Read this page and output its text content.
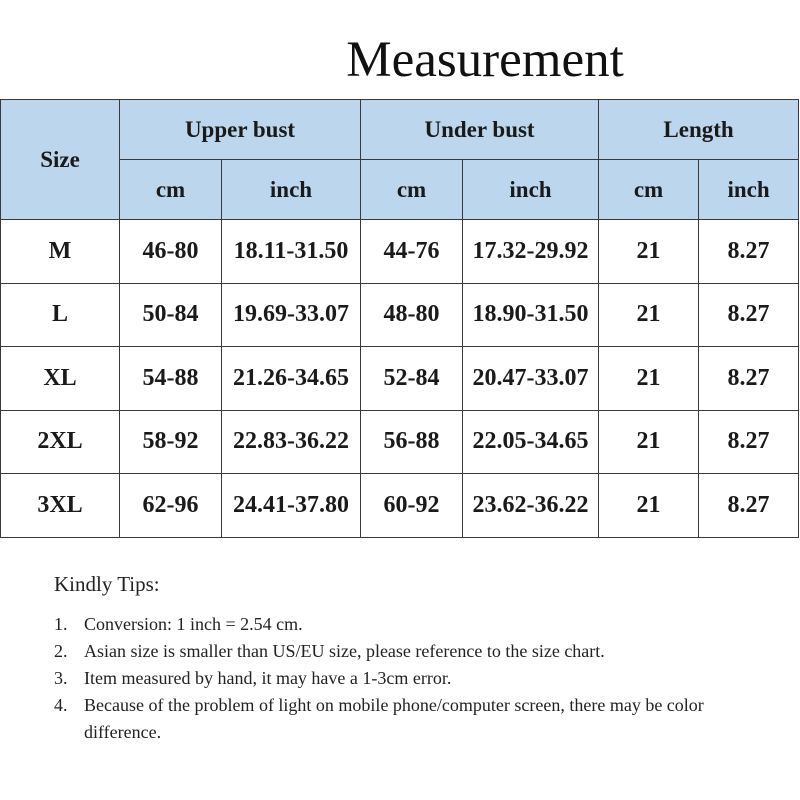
Measurement
Size	Upper bust		Under bust		Length	
	cm	inch	cm	inch	cm	inch
M	46-80	18.11-31.50	44-76	17.32-29.92	21	8.27
L	50-84	19.69-33.07	48-80	18.90-31.50	21	8.27
XL	54-88	21.26-34.65	52-84	20.47-33.07	21	8.27
2XL	58-92	22.83-36.22	56-88	22.05-34.65	21	8.27
3XL	62-96	24.41-37.80	60-92	23.62-36.22	21	8.27
Kindly Tips:
1. Conversion: 1 inch = 2.54 cm.
2. Asian size is smaller than US/EU size, please reference to the size chart.
3. Item measured by hand, it may have a 1-3cm error.
4. Because of the problem of light on mobile phone/computer screen, there may be color difference.
